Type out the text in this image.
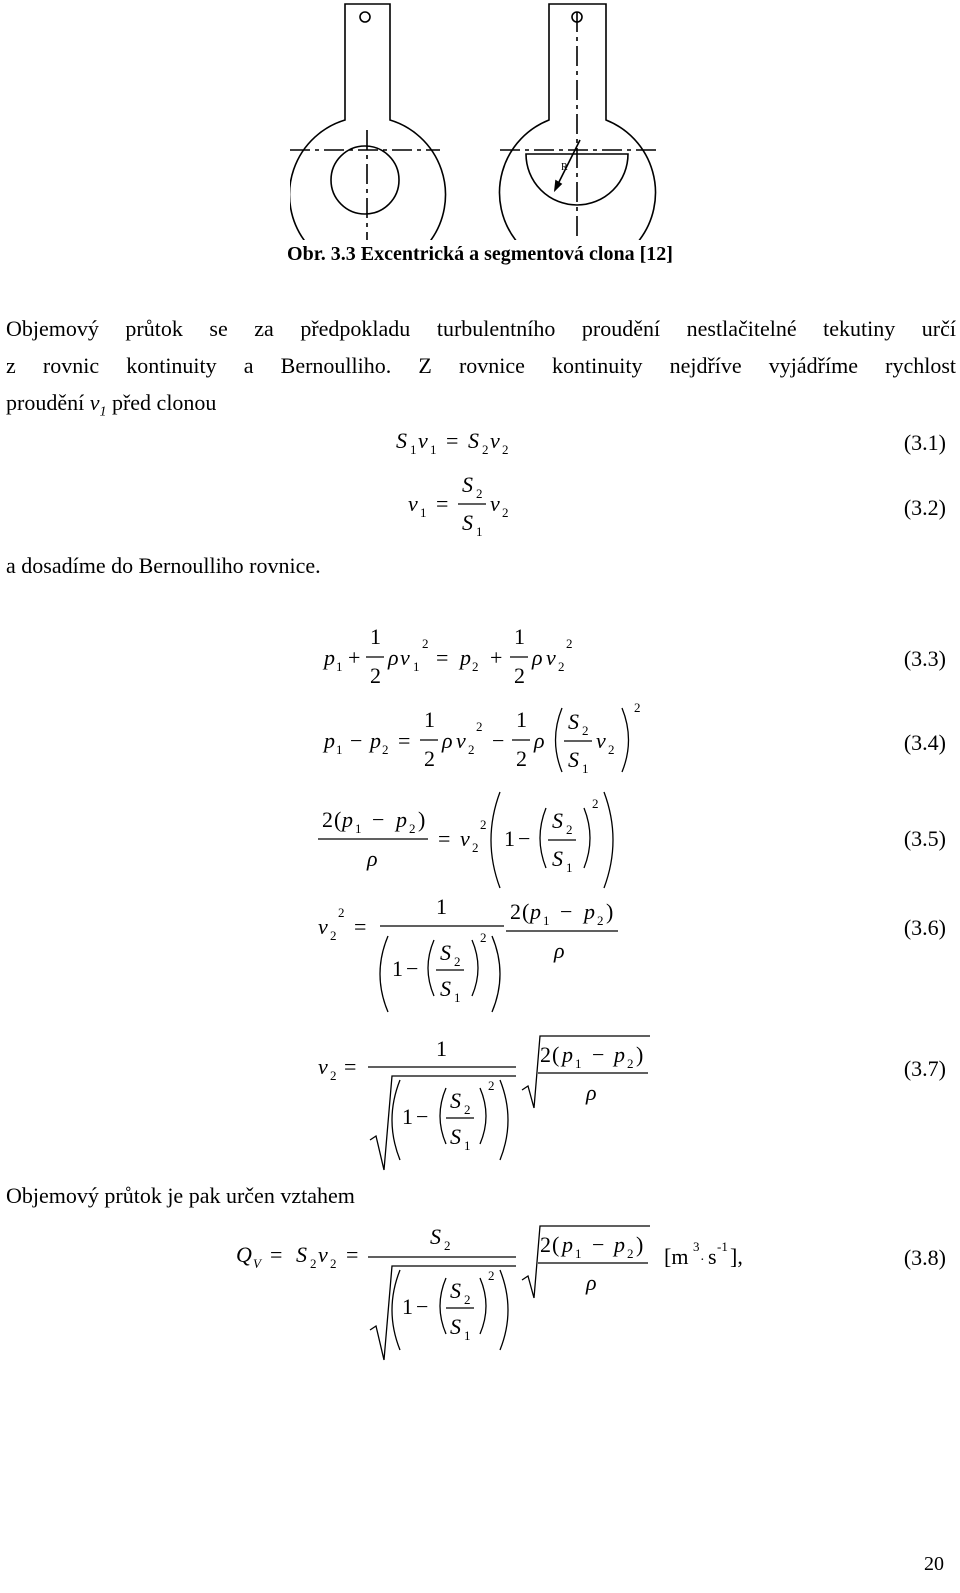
R
Obr. 3.3 Excentrická a segmentová clona [12]
Objemový průtok se za předpokladu turbulentního proudění nestlačitelné tekutiny určí
z rovnic kontinuity a Bernoulliho. Z rovnice kontinuity nejdříve vyjádříme rychlost
proudění $v_1$ před clonou
a dosadíme do Bernoulliho rovnice.
Objemový průtok je pak určen vztahem
(3.1)
(3.2)
(3.3)
(3.4)
(3.5)
(3.6)
(3.7)
(3.8)
S 1 v 1 = S 2 v 2
v 1 =
S 2
S 1
v 2
p 1 +
1
2
ρ v 1
2
= p 2 +
1
2
ρ v 2
2
p 1 − p 2 =
1
2
ρ v 2
2
−
1
2
ρ
S 2
S 1
v 2
2
2 ( p 1 − p 2 )
ρ
= v 2
2
1 −
S 2
S 1
2
v 2
2
=
1
1 −
S 2
S 1
2
2 ( p 1 − p 2 )
ρ
v 2 =
1
1 −
S 2
S 1
2
2 ( p 1 − p 2 )
ρ
Q V = S 2 v 2 =
S 2
1 −
S 2
S 1
2
2 ( p 1 − p 2 )
ρ
[m 3
· s -1 ],
20
